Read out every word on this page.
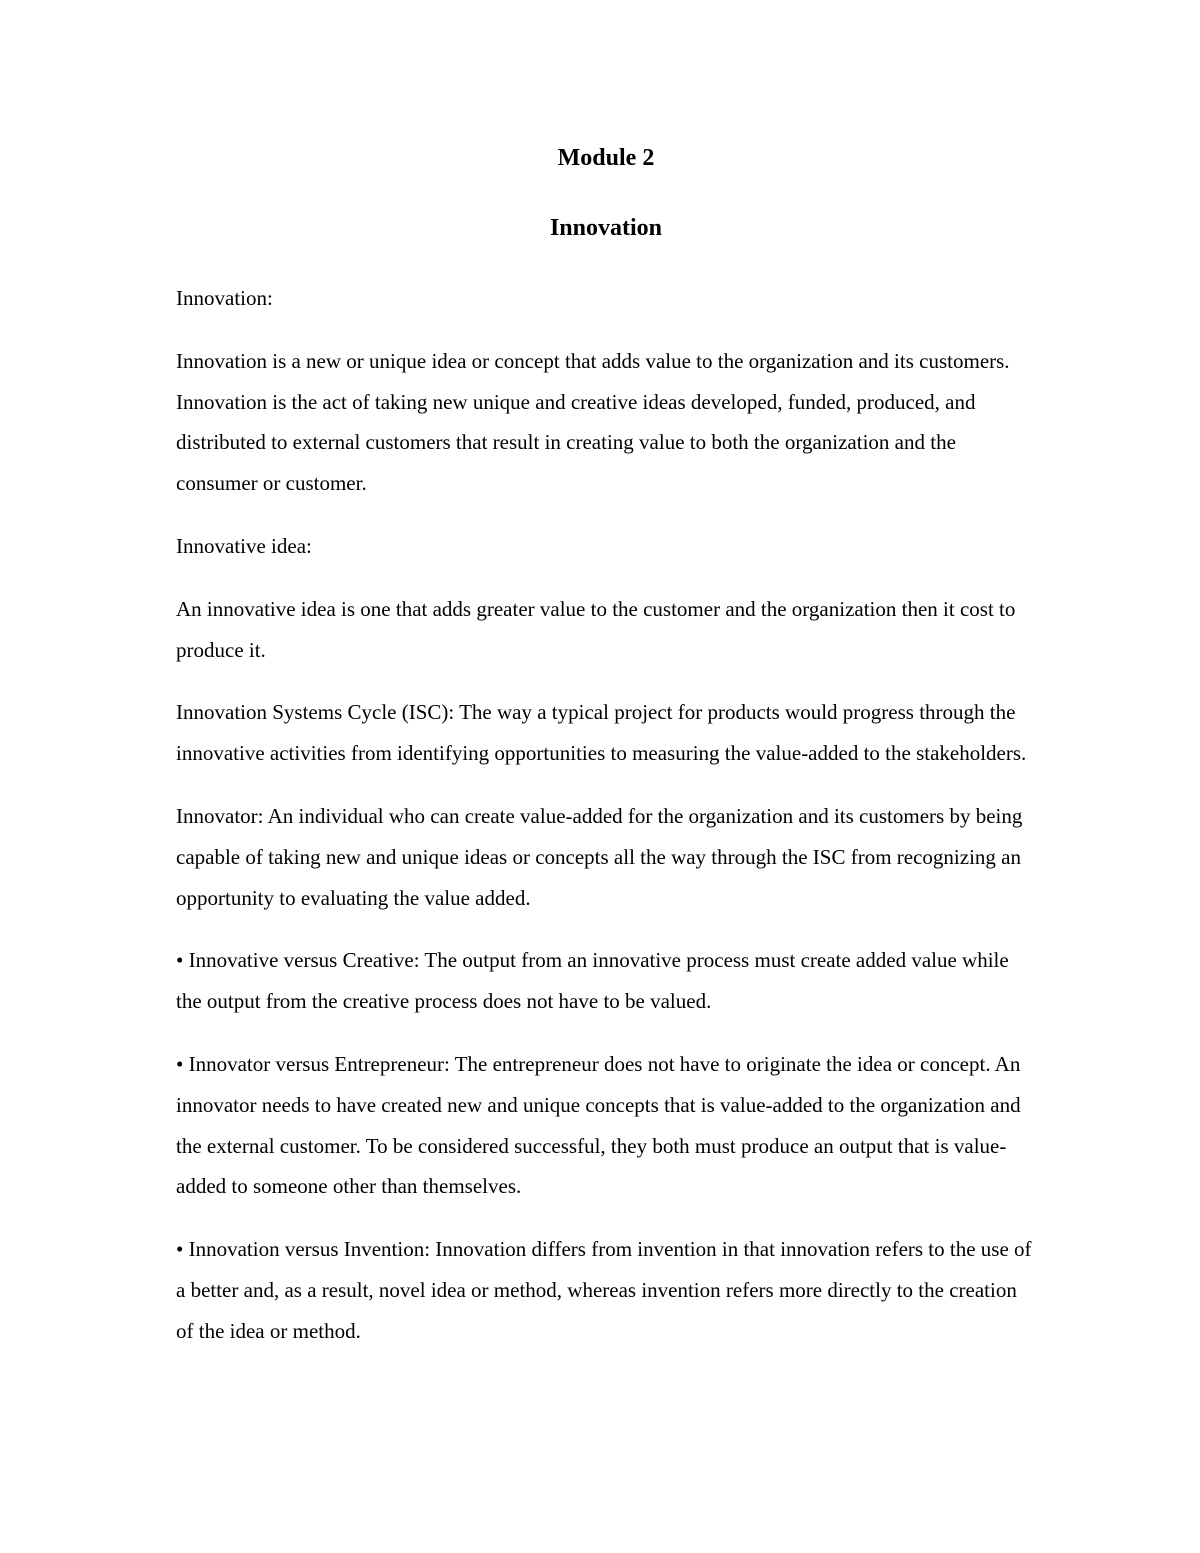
Module 2
Innovation

Innovation:

Innovation is a new or unique idea or concept that adds value to the organization and its customers. Innovation is the act of taking new unique and creative ideas developed, funded, produced, and distributed to external customers that result in creating value to both the organization and the consumer or customer.

Innovative idea:

An innovative idea is one that adds greater value to the customer and the organization then it cost to produce it.

Innovation Systems Cycle (ISC): The way a typical project for products would progress through the innovative activities from identifying opportunities to measuring the value-added to the stakeholders.

Innovator: An individual who can create value-added for the organization and its customers by being capable of taking new and unique ideas or concepts all the way through the ISC from recognizing an opportunity to evaluating the value added.

• Innovative versus Creative: The output from an innovative process must create added value while the output from the creative process does not have to be valued.

• Innovator versus Entrepreneur: The entrepreneur does not have to originate the idea or concept. An innovator needs to have created new and unique concepts that is value-added to the organization and the external customer. To be considered successful, they both must produce an output that is value-added to someone other than themselves.

• Innovation versus Invention: Innovation differs from invention in that innovation refers to the use of a better and, as a result, novel idea or method, whereas invention refers more directly to the creation of the idea or method.
